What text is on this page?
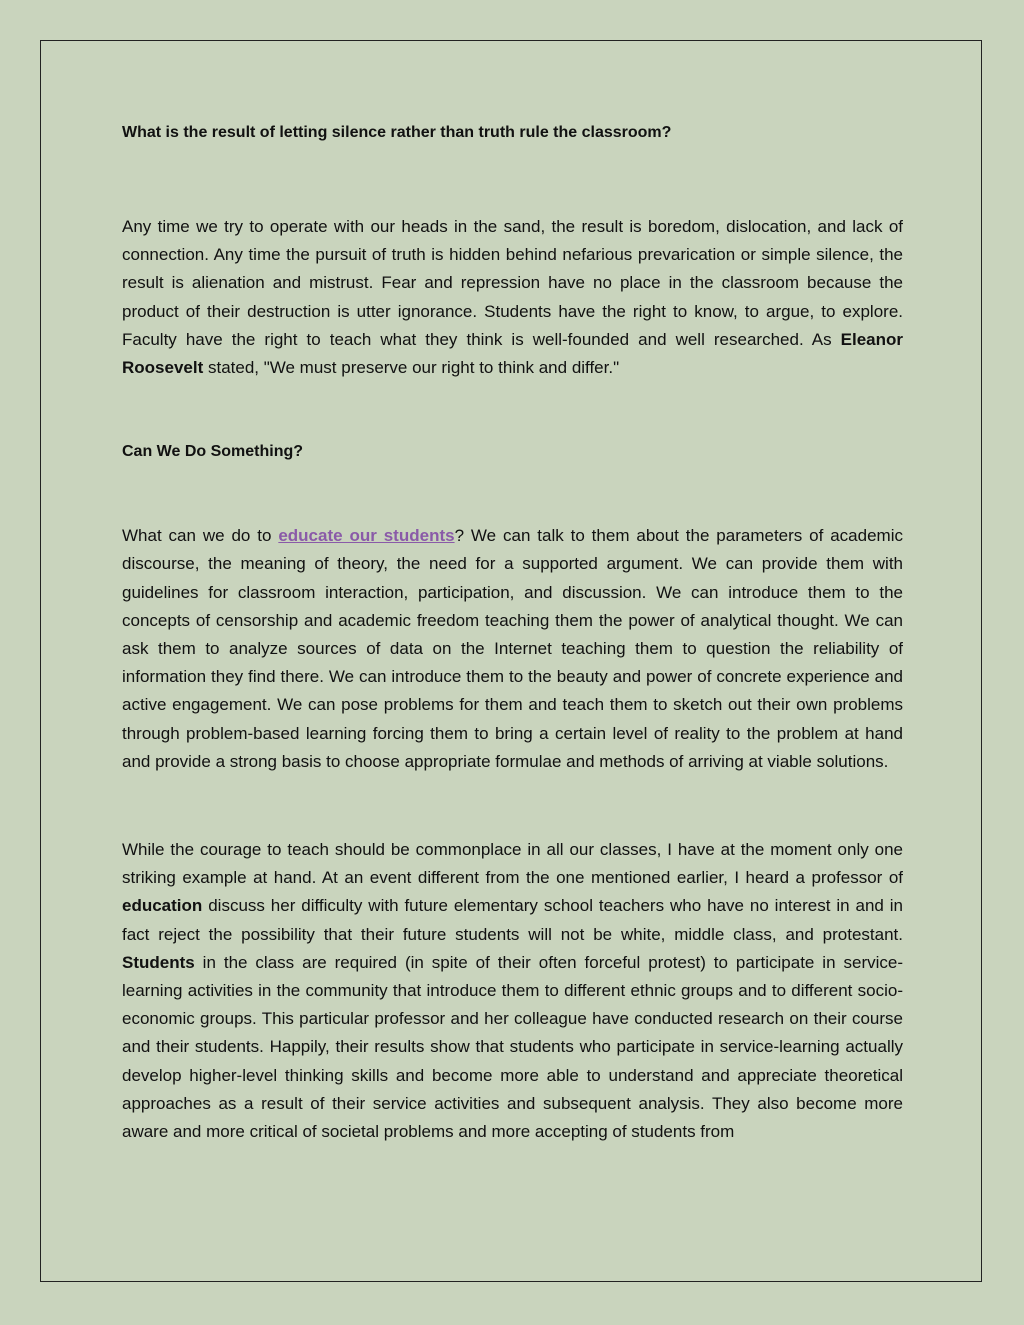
What is the result of letting silence rather than truth rule the classroom?

Any time we try to operate with our heads in the sand, the result is boredom, dislocation, and lack of connection. Any time the pursuit of truth is hidden behind nefarious prevarication or simple silence, the result is alienation and mistrust. Fear and repression have no place in the classroom because the product of their destruction is utter ignorance. Students have the right to know, to argue, to explore. Faculty have the right to teach what they think is well-founded and well researched. As Eleanor Roosevelt stated, "We must preserve our right to think and differ."

Can We Do Something?

What can we do to educate our students? We can talk to them about the parameters of academic discourse, the meaning of theory, the need for a supported argument. We can provide them with guidelines for classroom interaction, participation, and discussion. We can introduce them to the concepts of censorship and academic freedom teaching them the power of analytical thought. We can ask them to analyze sources of data on the Internet teaching them to question the reliability of information they find there. We can introduce them to the beauty and power of concrete experience and active engagement. We can pose problems for them and teach them to sketch out their own problems through problem-based learning forcing them to bring a certain level of reality to the problem at hand and provide a strong basis to choose appropriate formulae and methods of arriving at viable solutions.

While the courage to teach should be commonplace in all our classes, I have at the moment only one striking example at hand. At an event different from the one mentioned earlier, I heard a professor of education discuss her difficulty with future elementary school teachers who have no interest in and in fact reject the possibility that their future students will not be white, middle class, and protestant. Students in the class are required (in spite of their often forceful protest) to participate in service-learning activities in the community that introduce them to different ethnic groups and to different socio-economic groups. This particular professor and her colleague have conducted research on their course and their students. Happily, their results show that students who participate in service-learning actually develop higher-level thinking skills and become more able to understand and appreciate theoretical approaches as a result of their service activities and subsequent analysis. They also become more aware and more critical of societal problems and more accepting of students from
